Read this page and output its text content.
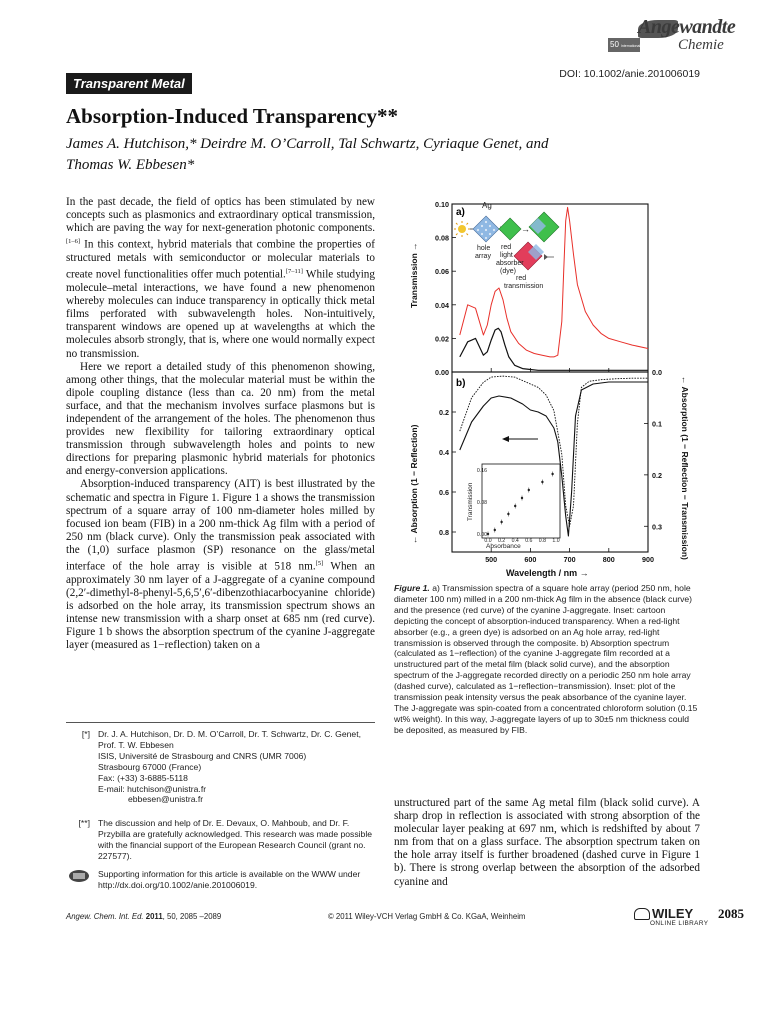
Angewandte
Chemie
50 International Edition
Transparent Metal
DOI: 10.1002/anie.201006019
Absorption-Induced Transparency**
James A. Hutchison,* Deirdre M. O’Carroll, Tal Schwartz, Cyriaque Genet, and
Thomas W. Ebbesen*

In the past decade, the field of optics has been stimulated by new concepts such as plasmonics and extraordinary optical transmission, which are paving the way for next-generation photonic components.[1–6] In this context, hybrid materials that combine the properties of structured metals with semiconductor or molecular materials to create novel functionalities offer much potential.[7–11] While studying molecule–metal interactions, we have found a new phenomenon whereby molecules can induce transparency in optically thick metal films perforated with subwavelength holes. Non-intuitively, transparent windows are opened up at wavelengths at which the molecules absorb strongly, that is, where one would normally expect no transmission.

Here we report a detailed study of this phenomenon showing, among other things, that the molecular material must be within the dipole coupling distance (less than ca. 20 nm) from the metal surface, and that the mechanism involves surface plasmons but is independent of the arrangement of the holes. The phenomenon thus provides new flexibility for tailoring extraordinary optical transmission through subwavelength holes and points to new directions for preparing plasmonic hybrid materials for photonics and energy-conversion applications.

Absorption-induced transparency (AIT) is best illustrated by the schematic and spectra in Figure 1. Figure 1 a shows the transmission spectrum of a square array of 100 nm-diameter holes milled by focused ion beam (FIB) in a 200 nm-thick Ag film with a period of 250 nm (black curve). Only the transmission peak associated with the (1,0) surface plasmon (SP) resonance on the glass/metal interface of the hole array is visible at 518 nm.[5] When an approximately 30 nm layer of a J-aggregate of a cyanine compound (2,2′-dimethyl-8-phenyl-5,6,5′,6′-dibenzothiacarbocyanine chloride) is adsorbed on the hole array, its transmission spectrum shows an intense new transmission with a sharp onset at 685 nm (red curve). Figure 1 b shows the absorption spectrum of the cyanine J-aggregate layer (measured as 1−reflection) taken on a

[*] Dr. J. A. Hutchison, Dr. D. M. O’Carroll, Dr. T. Schwartz, Dr. C. Genet,
Prof. T. W. Ebbesen
ISIS, Université de Strasbourg and CNRS (UMR 7006)
Strasbourg 67000 (France)
Fax: (+33) 3-6885-5118
E-mail: hutchison@unistra.fr
ebbesen@unistra.fr
[**] The discussion and help of Dr. E. Devaux, O. Mahboub, and Dr. F. Przybilla are gratefully acknowledged. This research was made possible with the financial support of the European Research Council (grant no. 227577).
Supporting information for this article is available on the WWW under http://dx.doi.org/10.1002/anie.201006019.
0.00
0.02
0.04
0.06
0.08
0.10
0.2
0.4
0.6
0.8
0.0
0.1
0.2
0.3
500	600	700	800	900
a)
b)
Ag
→
hole array
red light absorber (dye)
red transmission
0.0 0.2 0.4 0.6 0.8 1.0
0.00
0.08
0.16
Absorbance
Transmission
Transmission →
← Absorption (1 − Reflection)	← Absorption (1 − Reflection − Transmission)
Wavelength / nm →
Figure 1. a) Transmission spectra of a square hole array (period 250 nm, hole diameter 100 nm) milled in a 200 nm-thick Ag film in the absence (black curve) and the presence (red curve) of the cyanine J-aggregate. Inset: cartoon depicting the concept of absorption-induced transparency. When a red-light absorber (e.g., a green dye) is adsorbed on an Ag hole array, red-light transmission is observed through the composite. b) Absorption spectrum (calculated as 1−reflection) of the cyanine J-aggregate film recorded at a unstructured part of the metal film (black solid curve), and the absorption spectrum of the J-aggregate recorded directly on a periodic 250 nm hole array (dashed curve), calculated as 1−reflection−transmission). Inset: plot of the transmission peak intensity versus the peak absorbance of the cyanine layer. The J-aggregate was spin-coated from a concentrated chloroform solution (0.15 wt% weight). In this way, J-aggregate layers of up to 30±5 nm thickness could be deposited, as measured by FIB.

unstructured part of the same Ag metal film (black solid curve). A sharp drop in reflection is associated with strong absorption of the molecular layer peaking at 697 nm, which is redshifted by about 7 nm from that on a glass surface. The absorption spectrum taken on the hole array itself is further broadened (dashed curve in Figure 1 b). There is strong overlap between the absorption of the adsorbed cyanine and

Angew. Chem. Int. Ed. 2011, 50, 2085 –2089	© 2011 Wiley-VCH Verlag GmbH & Co. KGaA, Weinheim	WILEY
ONLINE LIBRARY
2085
